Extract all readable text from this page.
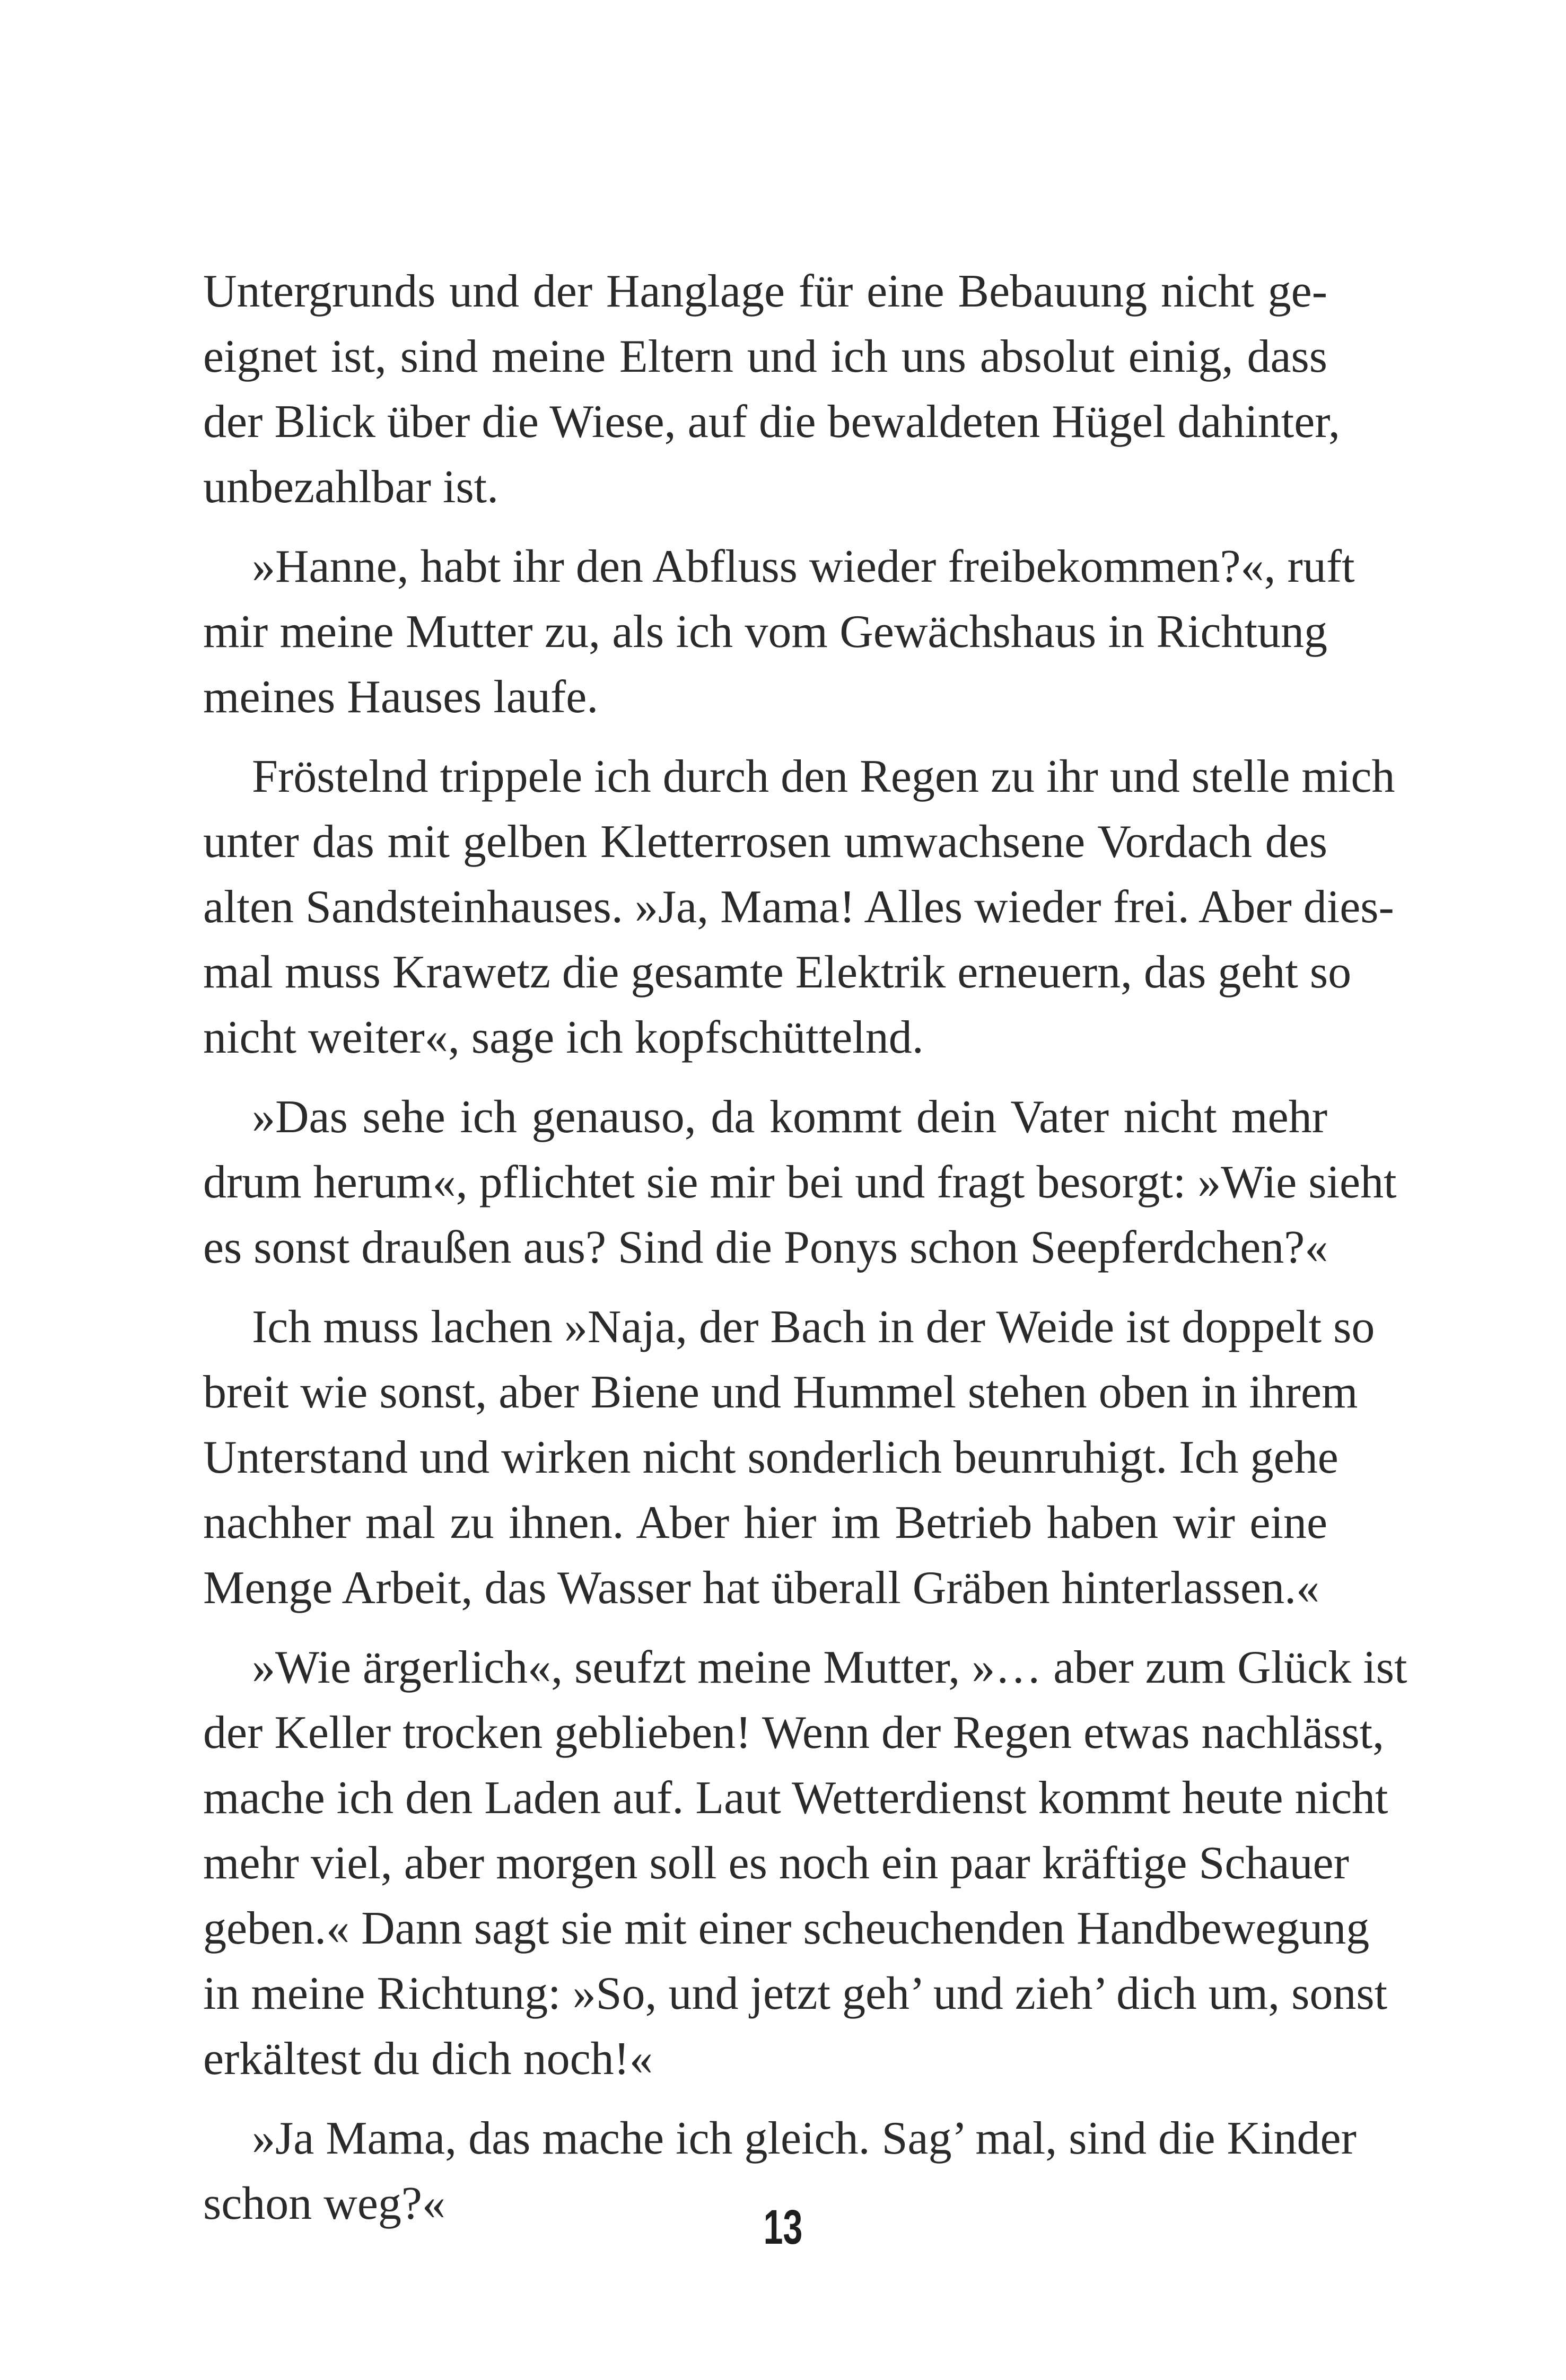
Untergrunds und der Hanglage für eine Bebauung nicht ge-
eignet ist, sind meine Eltern und ich uns absolut einig, dass
der Blick über die Wiese, auf die bewaldeten Hügel dahinter,
unbezahlbar ist.
»Hanne, habt ihr den Abfluss wieder freibekommen?«, ruft
mir meine Mutter zu, als ich vom Gewächshaus in Richtung
meines Hauses laufe.
Fröstelnd trippele ich durch den Regen zu ihr und stelle mich
unter das mit gelben Kletterrosen umwachsene Vordach des
alten Sandsteinhauses. »Ja, Mama! Alles wieder frei. Aber dies-
mal muss Krawetz die gesamte Elektrik erneuern, das geht so
nicht weiter«, sage ich kopfschüttelnd.
»Das sehe ich genauso, da kommt dein Vater nicht mehr
drum herum«, pflichtet sie mir bei und fragt besorgt: »Wie sieht
es sonst draußen aus? Sind die Ponys schon Seepferdchen?«
Ich muss lachen »Naja, der Bach in der Weide ist doppelt so
breit wie sonst, aber Biene und Hummel stehen oben in ihrem
Unterstand und wirken nicht sonderlich beunruhigt. Ich gehe
nachher mal zu ihnen. Aber hier im Betrieb haben wir eine
Menge Arbeit, das Wasser hat überall Gräben hinterlassen.«
»Wie ärgerlich«, seufzt meine Mutter, »… aber zum Glück ist
der Keller trocken geblieben! Wenn der Regen etwas nachlässt,
mache ich den Laden auf. Laut Wetterdienst kommt heute nicht
mehr viel, aber morgen soll es noch ein paar kräftige Schauer
geben.« Dann sagt sie mit einer scheuchenden Handbewegung
in meine Richtung: »So, und jetzt geh’ und zieh’ dich um, sonst
erkältest du dich noch!«
»Ja Mama, das mache ich gleich. Sag’ mal, sind die Kinder
schon weg?«	13
